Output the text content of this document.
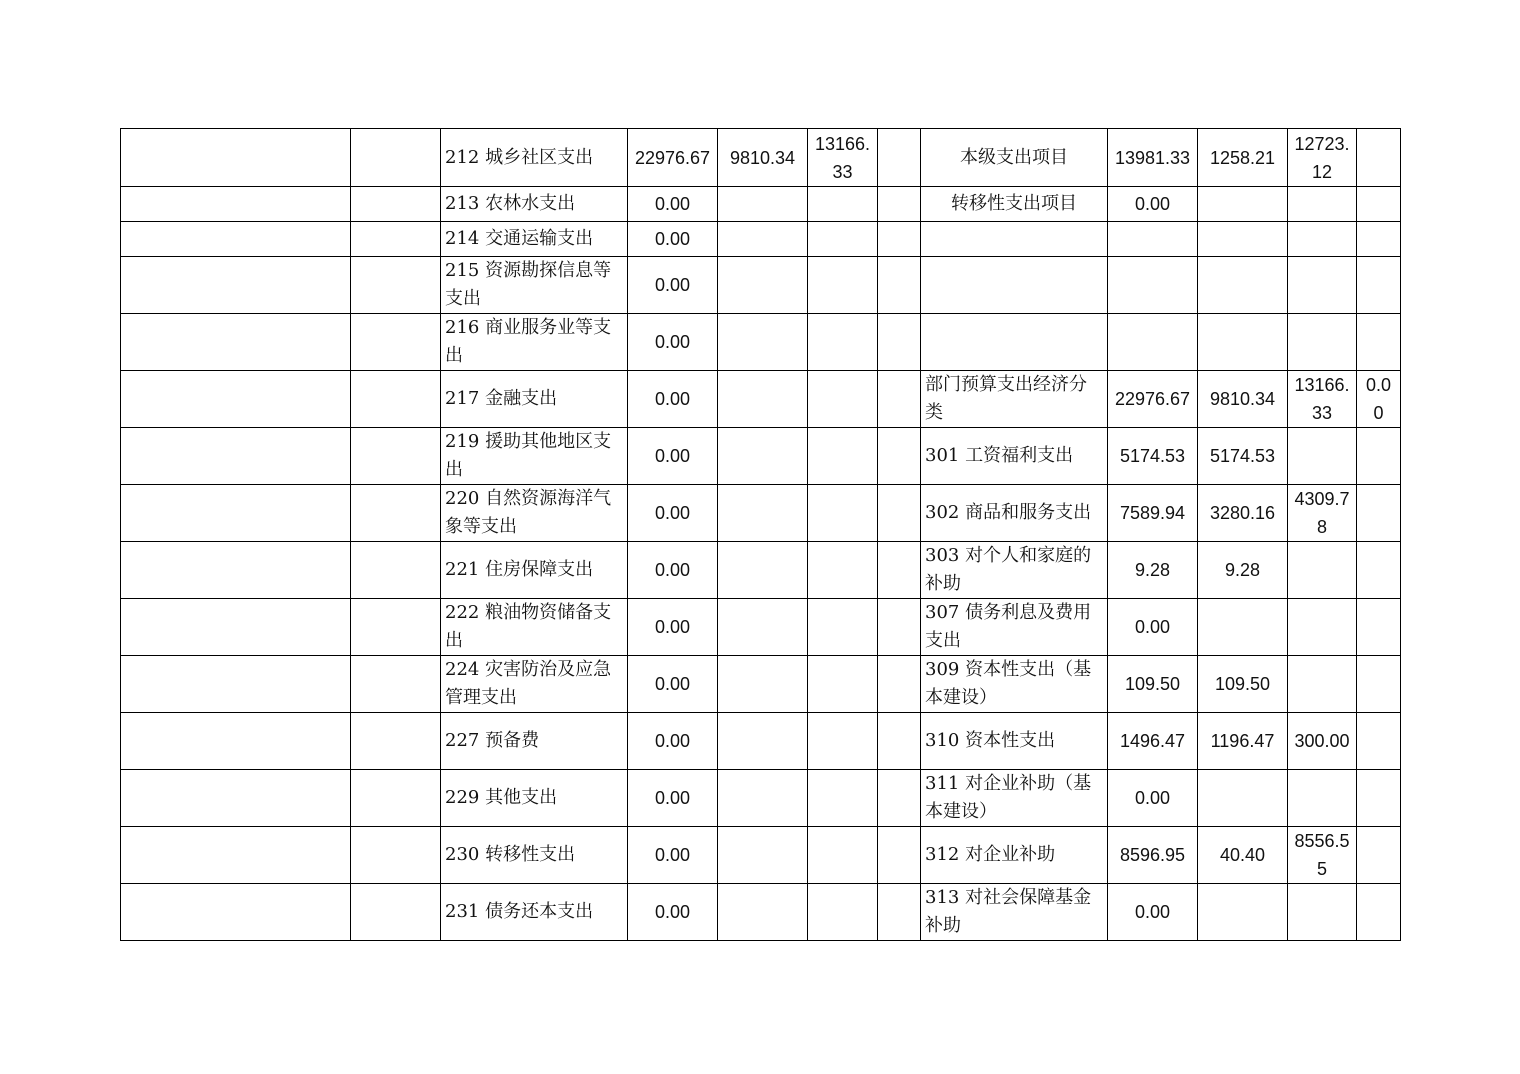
		212 城乡社区支出	22976.67	9810.34	13166.33		本级支出项目	13981.33	1258.21	12723.12	
		213 农林水支出	0.00				转移性支出项目	0.00			
		214 交通运输支出	0.00								
		215 资源勘探信息等支出	0.00								
		216 商业服务业等支出	0.00								
		217 金融支出	0.00				部门预算支出经济分类	22976.67	9810.34	13166.33	0.00
		219 援助其他地区支出	0.00				301 工资福利支出	5174.53	5174.53		
		220 自然资源海洋气象等支出	0.00				302 商品和服务支出	7589.94	3280.16	4309.78	
		221 住房保障支出	0.00				303 对个人和家庭的补助	9.28	9.28		
		222 粮油物资储备支出	0.00				307 债务利息及费用支出	0.00			
		224 灾害防治及应急管理支出	0.00				309 资本性支出（基本建设）	109.50	109.50		
		227 预备费	0.00				310 资本性支出	1496.47	1196.47	300.00	
		229 其他支出	0.00				311 对企业补助（基本建设）	0.00			
		230 转移性支出	0.00				312 对企业补助	8596.95	40.40	8556.55	
		231 债务还本支出	0.00				313 对社会保障基金补助	0.00			
